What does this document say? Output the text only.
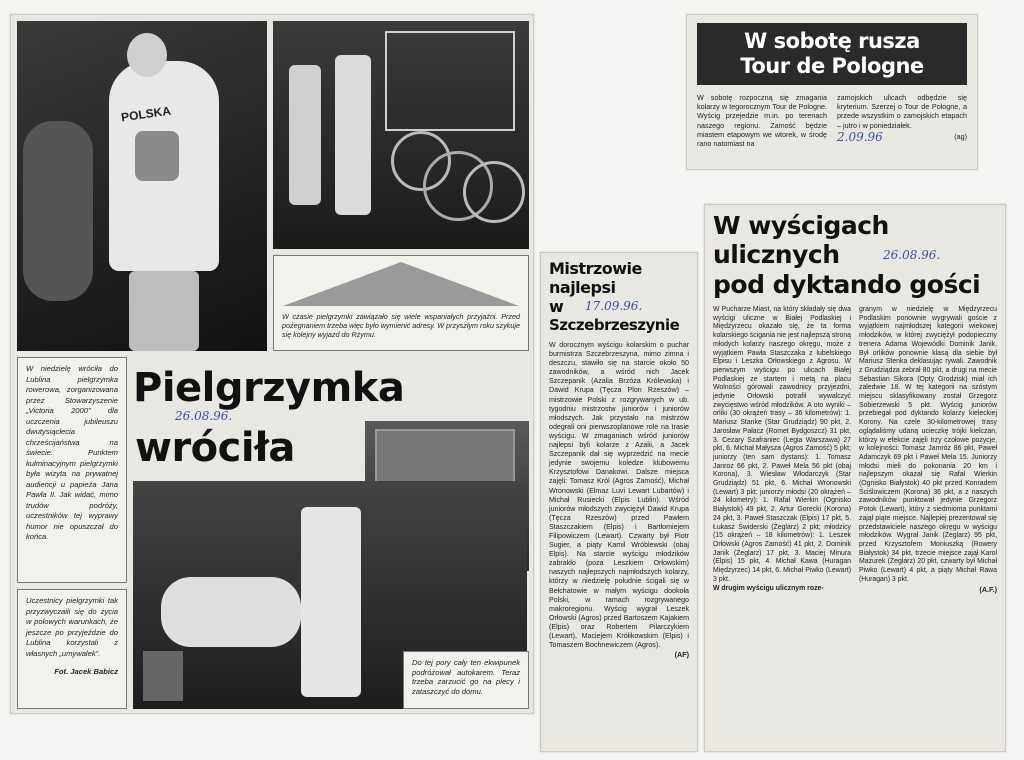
POLSKA
W czasie pielgrzymki zawiązało się wiele wspaniałych przyjaźni. Przed pożegnaniem trzeba więc było wymienić adresy. W przyszłym roku szykuje się kolejny wyjazd do Rzymu.
W niedzielę wróciła do Lublina pielgrzymka rowerowa, zorganizowana przez Stowarzyszenie „Victoria 2000” dla uczczenia jubileuszu dwutysiąclecia chrześcijaństwa na świecie. Punktem kulminacyjnym pielgrzymki była wizyta na prywatnej audiencji u papieża Jana Pawła II. Jak widać, mimo trudów podróży, uczestników tej wyprawy humor nie opuszczał do końca.
Pielgrzymka
26.08.96.
wróciła
Uczestnicy pielgrzymki tak przyzwyczaili się do życia w polowych warunkach, że jeszcze po przyjeździe do Lublina korzystali z własnych „umywalek”.
Fot. Jacek Babicz
Do tej pory cały ten ekwipunek podróżował autokarem. Teraz trzeba zarzucić go na plecy i zataszczyć do domu.
Mistrzowie
najlepsi
w 17.09.96.
Szczebrzeszynie
W dorocznym wyścigu kolarskim o puchar burmistrza Szczebrzeszyna, mimo zimna i deszczu, stawiło się na starcie około 50 zawodników, a wśród nich Jacek Szczepanik (Azalia Brzóza Królewska) i Dawid Krupa (Tęcza Plon Rzeszów) – mistrzowie Polski z rozgrywanych w ub. tygodniu mistrzostw juniorów i juniorów młodszych. Jak przystało na mistrzów odegrali oni pierwszoplanowe role na trasie wyścigu. W zmaganiach wśród juniorów najlepsi byli kolarze z Azalii, a Jacek Szczepanik dał się wyprzedzić na mecie jedynie swojemu koledze klubowemu Krzysztofowi Danakowi. Dalsze miejsca zajęli: Tomasz Król (Agros Zamość), Michał Wronowski (Elmaz Luvi Lewart Lubartów) i Michał Rusiecki (Elpis Lublin). Wśród juniorów młodszych zwyciężył Dawid Krupa (Tęcza Rzeszów) przed Pawłem Staszczakiem (Elpis) i Bartłomiejem Filipowiczem (Lewart). Czwarty był Piotr Sugier, a piąty Kamil Wróblewski (obaj Elpis). Na starcie wyścigu młodzików zabrakło (poza Leszkiem Orłowskim) naszych najlepszych najmłodszych kolarzy, którzy w niedzielę południe ścigali się w Bełchatowie w małym wyścigu dookoła Polski, w ramach rozgrywanego makroregionu. Wyścig wygrał Leszek Orłowski (Agros) przed Bartoszem Kajakiem (Elpis) oraz Robertem Pilarczykiem (Lewart), Maciejem Krółikowskim (Elpis) i Tomaszem Bochnewiczem (Agros).
(AF)
W sobotę rusza
Tour de Pologne
W sobotę rozpoczną się zmagania kolarzy w tegorocznym Tour de Pologne. Wyścig przejedzie m.in. po terenach naszego regionu. Zamość będzie miastem etapowym we wtorek, w środę rano natomiast na
zamojskich ulicach odbędzie się kryterium. Szerzej o Tour de Pologne, a przede wszystkim o zamojskich etapach – jutro i w poniedziałek.
2.09.96	(ag)
W wyścigach
ulicznych	26.08.96.
pod dyktando gości
W Pucharze Miast, na który składały się dwa wyścigi uliczne w Białej Podlaskiej i Międzyrzecu okazało się, że ta forma kolarskiego ścigania nie jest najlepszą stroną młodych kolarzy naszego okręgu, może z wyjątkiem Pawła Staszczaka z lubelskiego Elpisu i Leszka Orłowskiego z Agrosu. W pierwszym wyścigu po ulicach Białej Podlaskiej ze startem i metą na placu Wolności górowali zawodnicy przyjezdni, jedynie Orłowski potrafił wywalczyć zwycięstwo wśród młodzików. A oto wyniki – orliki (30 okrążeń trasy – 36 kilometrów): 1. Mariusz Stanke (Star Grudziądz) 90 pkt, 2. Jarosław Pałacz (Romet Bydgoszcz) 31 pkt, 3. Cezary Szafraniec (Legia Warszawa) 27 pkt, 6. Michał Małysza (Agros Zamość) 5 pkt; juniorzy (ten sam dystans): 1. Tomasz Janroz 66 pkt, 2. Paweł Mela 56 pkt (obaj Korona), 3. Wiesław Włodarczyk (Star Grudziądz) 51 pkt, 6. Michał Wronowski (Lewart) 3 pkt; juniorzy młodsi (20 okrążeń – 24 kilometry): 1. Rafał Wierkin (Ognisko Białystok) 49 pkt, 2. Artur Gorecki (Korona) 24 pkt, 3. Paweł Staszczak (Elpis) 17 pkt, 5. Łukasz Świderski (Żeglarz) 2 pkt; młodzicy (15 okrążeń – 18 kilometrów): 1. Leszek Orłowski (Agros Zamość) 41 pkt, 2. Dominik Janik (Żeglarz) 17 pkt, 3. Maciej Minura (Elpis) 15 pkt, 4. Michał Kawa (Huragan Międzyrzec) 14 pkt, 6. Michał Piwko (Lewart) 3 pkt.
W drugim wyścigu ulicznym roze-
granym w niedzielę w Międzyrzecu Podlaskim ponownie wygrywali goście z wyjątkiem najmłodszej kategorii wiekowej młodzików, w której zwyciężył podopieczny trenera Adama Wojewódki Dominik Janik. Był orlików ponownie klasą dla siebie był Mariusz Stenka deklasując rywali. Zawodnik z Grudziądza zebrał 80 pkt, a drugi na mecie Sebastian Sikora (Opty Grodzisk) miał ich zaledwie 18. W tej kategorii na szóstym miejscu sklasyfikowany został Grzegorz Sobierzewski 5 pkt. Wyścig juniorów przebiegał pod dyktando kolarzy kieleckiej Korony. Na czele 30-kilometrowej trasy oglądaliśmy udaną ucieczkę trójki kielczan, którzy w efekcie zajęli trzy czołowe pozycje, w kolejności: Tomasz Jamróz 86 pkt, Paweł Adamczyk 69 pkt i Paweł Mela 15. Juniorzy młodsi mieli do pokonania 20 km i najlepszym okazał się Rafał Wierkin (Ognisko Białystok) 40 pkt przed Konradem Ściślowiczem (Korona) 36 pkt, a z naszych zawodników punktował jedynie Grzegorz Potok (Lewart), który z siedmioma punktami zajął piąte miejsce. Najlepiej prezentował się przedstawiciele naszego okręgu w wyścigu młodzików. Wygrał Janik (Żeglarz) 95 pkt, przed Krzysztofem Moniuszką (Rowery Białystok) 34 pkt, trzecie miejsce zajął Karol Mazurek (Żeglarz) 20 pkt, czwarty był Michał Piwko (Lewart) 4 pkt, a piąty Michał Rawa (Huragan) 3 pkt.
(A.F.)
